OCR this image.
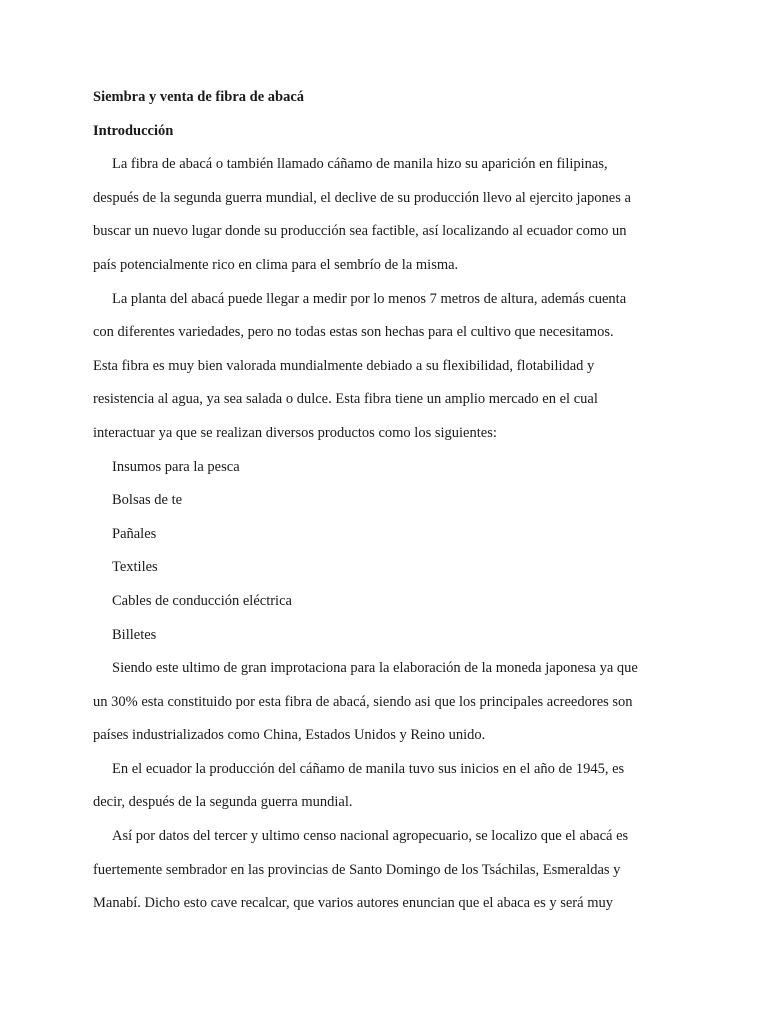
Siembra y venta de fibra de abacá
Introducción
La fibra de abacá o también llamado cáñamo de manila hizo su aparición en filipinas,
después de la segunda guerra mundial, el declive de su producción llevo al ejercito japones a
buscar un nuevo lugar donde su producción sea factible, así localizando al ecuador como un
país potencialmente rico en clima para el sembrío de la misma.
La planta del abacá puede llegar a medir por lo menos 7 metros de altura, además cuenta
con diferentes variedades, pero no todas estas son hechas para el cultivo que necesitamos.
Esta fibra es muy bien valorada mundialmente debiado a su flexibilidad, flotabilidad y
resistencia al agua, ya sea salada o dulce. Esta fibra tiene un amplio mercado en el cual
interactuar ya que se realizan diversos productos como los siguientes:
Insumos para la pesca
Bolsas de te
Pañales
Textiles
Cables de conducción eléctrica
Billetes
Siendo este ultimo de gran improtaciona para la elaboración de la moneda japonesa ya que
un 30% esta constituido por esta fibra de abacá, siendo asi que los principales acreedores son
países industrializados como China, Estados Unidos y Reino unido.
En el ecuador la producción del cáñamo de manila tuvo sus inicios en el año de 1945, es
decir, después de la segunda guerra mundial.
Así por datos del tercer y ultimo censo nacional agropecuario, se localizo que el abacá es
fuertemente sembrador en las provincias de Santo Domingo de los Tsáchilas, Esmeraldas y
Manabí. Dicho esto cave recalcar, que varios autores enuncian que el abaca es y será muy
